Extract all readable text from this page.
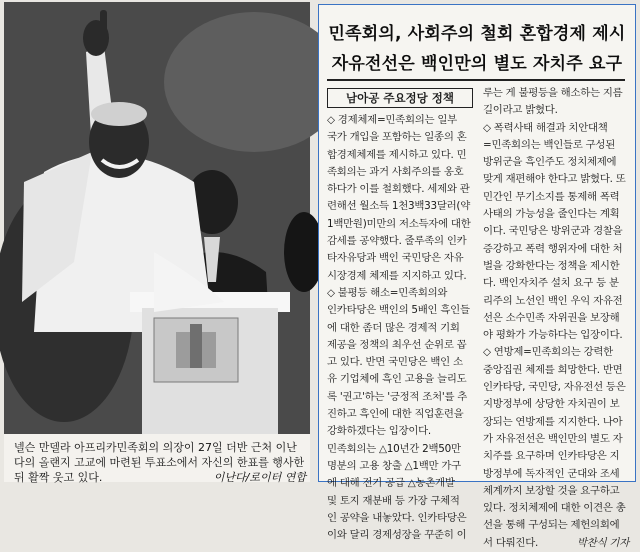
넬슨 만델라 아프리카민족회의 의장이 27일 더반 근처 이난
다의 올랜지 고교에 마련된 투표소에서 자신의 한표를 행사한
뒤 활짝 웃고 있다.	이난다/로이터 연합
민족회의, 사회주의 철회 혼합경제 제시
자유전선은 백인만의 별도 자치주 요구
남아공 주요정당 정책
◇ 경제체제=민족회의는 일부
국가 개입을 포함하는 일종의 혼
합경제체제를 제시하고 있다. 민
족회의는 과거 사회주의를 옹호
하다가 이를 철회했다. 세제와 관
련해선 월소득 1천3백33달러(약
1백만원)미만의 저소득자에 대한
감세를 공약했다. 줄루족의 인카
타자유당과 백인 국민당은 자유
시장경제 체제를 지지하고 있다.
◇ 불평등 해소=민족회의와
인카타당은 백인의 5배인 흑인들
에 대한 좀더 많은 경제적 기회
제공을 정책의 최우선 순위로 꼽
고 있다. 반면 국민당은 백인 소
유 기업체에 흑인 고용을 늘리도
록 '권고'하는 '긍정적 조처'를 추
진하고 흑인에 대한 직업훈련을
강화하겠다는 입장이다.
민족회의는 △10년간 2백50만
명분의 고용 창출 △1백만 가구
에 대해 전기 공급 △농촌개발
및 토지 재분배 등 가장 구체적
인 공약을 내놓았다. 인카타당은
이와 달리 경제성장을 꾸준히 이
루는 게 불평등을 해소하는 지름
길이라고 밝혔다.
◇ 폭력사태 해결과 치안대책
=민족회의는 백인들로 구성된
방위군을 흑인주도 정치체제에
맞게 재편해야 한다고 밝혔다. 또
민간인 무기소지를 통제해 폭력
사태의 가능성을 줄인다는 계획
이다. 국민당은 방위군과 경찰을
증강하고 폭력 행위자에 대한 처
벌을 강화한다는 정책을 제시한
다. 백인자치주 설치 요구 등 분
리주의 노선인 백인 우익 자유전
선은 소수민족 자위권을 보장해
야 평화가 가능하다는 입장이다.
◇ 연방제=민족회의는 강력한
중앙집권 체제를 희망한다. 반면
인카타당, 국민당, 자유전선 등은
지방정부에 상당한 자치권이 보
장되는 연방제를 지지한다. 나아
가 자유전선은 백인만의 별도 자
치주를 요구하며 인카타당은 지
방정부에 독자적인 군대와 조세
체계까지 보장할 것을 요구하고
있다. 정치체제에 대한 이견은 총
선을 통해 구성되는 제헌의회에
서 다뤄진다.	박찬식 기자
